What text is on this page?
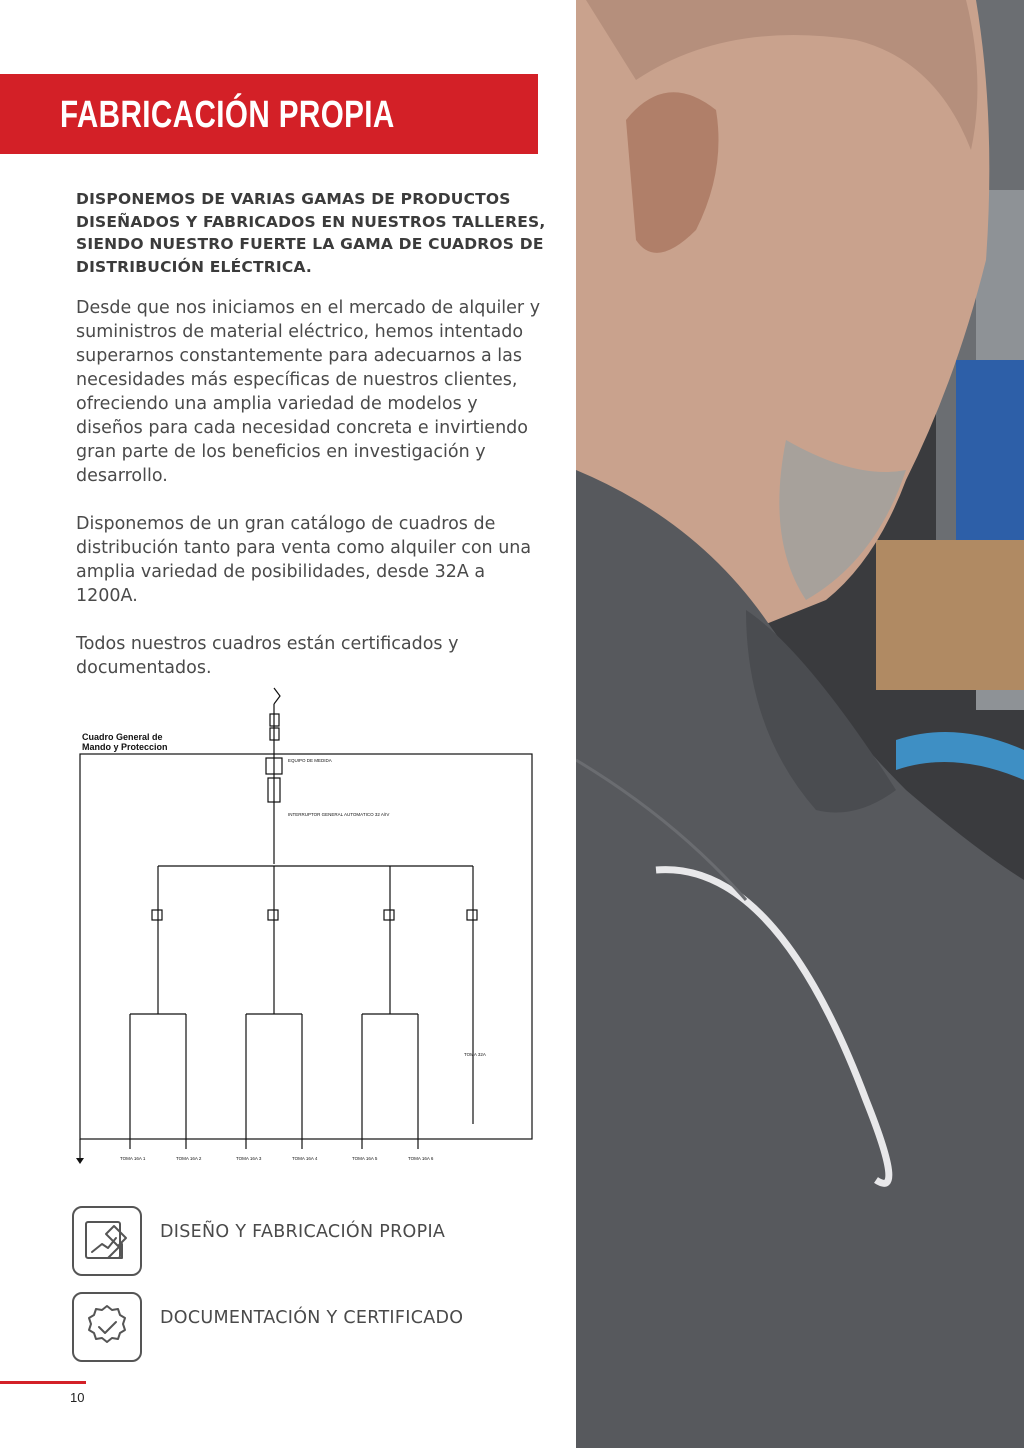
FABRICACIÓN PROPIA

DISPONEMOS DE VARIAS GAMAS DE PRODUCTOS DISEÑADOS Y FABRICADOS EN NUESTROS TALLERES, SIENDO NUESTRO FUERTE LA GAMA DE CUADROS DE DISTRIBUCIÓN ELÉCTRICA.

Desde que nos iniciamos en el mercado de alquiler y suministros de material eléctrico, hemos intentado superarnos constantemente para adecuarnos a las necesidades más específicas de nuestros clientes, ofreciendo una amplia variedad de modelos y diseños para cada necesidad concreta e invirtiendo gran parte de los beneficios en investigación y desarrollo.

Disponemos de un gran catálogo de cuadros de distribución tanto para venta como alquiler con una amplia variedad de posibilidades, desde 32A a 1200A.

Todos nuestros cuadros están certificados y documentados.

Cuadro General de
Mando y Proteccion
EQUIPO DE MEDIDA
INTERRUPTOR GENERAL AUTOMATICO 32 A/IV
TOMA 16A 1	TOMA 16A 2	TOMA 16A 3	TOMA 16A 4	TOMA 16A 5	TOMA 16A 6
TOMA 32A
DISEÑO Y FABRICACIÓN PROPIA
DOCUMENTACIÓN Y CERTIFICADO
10
